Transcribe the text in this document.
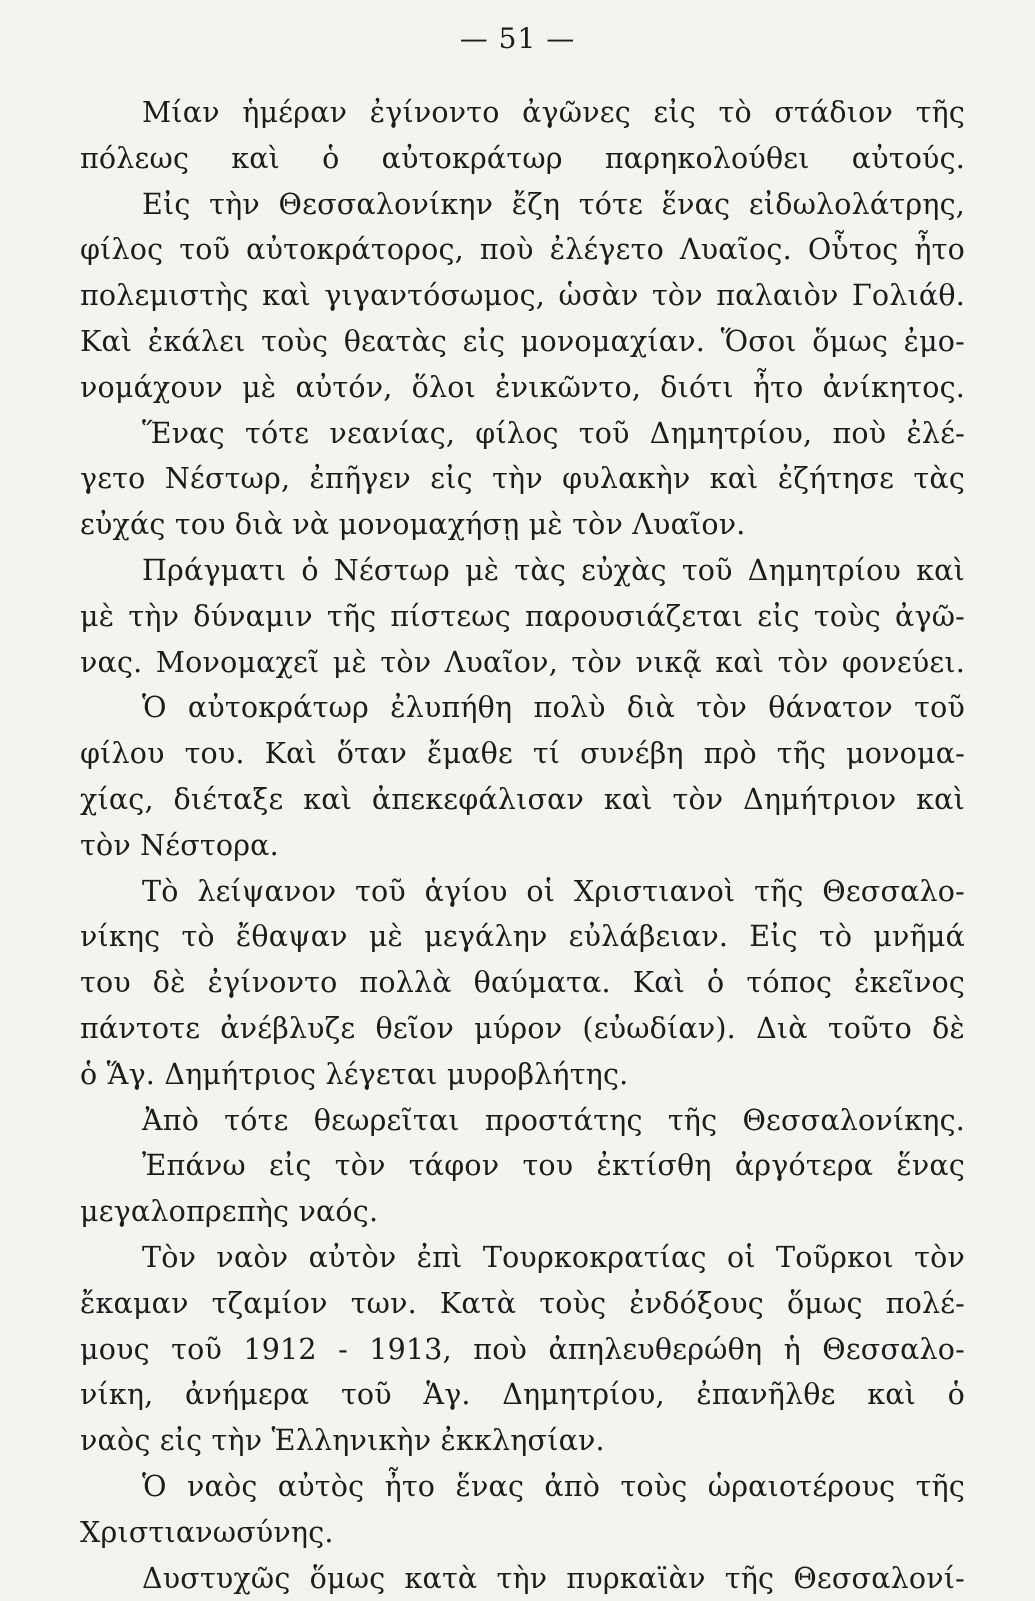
— 51 —
Μίαν ἡμέραν ἐγίνοντο ἀγῶνες εἰς τὸ στάδιον τῆς
πόλεως καὶ ὁ αὐτοκράτωρ παρηκολούθει αὐτούς.
Εἰς τὴν Θεσσαλονίκην ἔζη τότε ἕνας εἰδωλολάτρης,
φίλος τοῦ αὐτοκράτορος, ποὺ ἐλέγετο Λυαῖος. Οὗτος ἦτο
πολεμιστὴς καὶ γιγαντόσωμος, ὡσὰν τὸν παλαιὸν Γολιάθ.
Καὶ ἐκάλει τοὺς θεατὰς εἰς μονομαχίαν. Ὅσοι ὅμως ἐμο-
νομάχουν μὲ αὐτόν, ὅλοι ἐνικῶντο, διότι ἦτο ἀνίκητος.
Ἕνας τότε νεανίας, φίλος τοῦ Δημητρίου, ποὺ ἐλέ-
γετο Νέστωρ, ἐπῆγεν εἰς τὴν φυλακὴν καὶ ἐζήτησε τὰς
εὐχάς του διὰ νὰ μονομαχήσῃ μὲ τὸν Λυαῖον.
Πράγματι ὁ Νέστωρ μὲ τὰς εὐχὰς τοῦ Δημητρίου καὶ
μὲ τὴν δύναμιν τῆς πίστεως παρουσιάζεται εἰς τοὺς ἀγῶ-
νας. Μονομαχεῖ μὲ τὸν Λυαῖον, τὸν νικᾷ καὶ τὸν φονεύει.
Ὁ αὐτοκράτωρ ἐλυπήθη πολὺ διὰ τὸν θάνατον τοῦ
φίλου του. Καὶ ὅταν ἔμαθε τί συνέβη πρὸ τῆς μονομα-
χίας, διέταξε καὶ ἀπεκεφάλισαν καὶ τὸν Δημήτριον καὶ
τὸν Νέστορα.
Τὸ λείψανον τοῦ ἁγίου οἱ Χριστιανοὶ τῆς Θεσσαλο-
νίκης τὸ ἔθαψαν μὲ μεγάλην εὐλάβειαν. Εἰς τὸ μνῆμά
του δὲ ἐγίνοντο πολλὰ θαύματα. Καὶ ὁ τόπος ἐκεῖνος
πάντοτε ἀνέβλυζε θεῖον μύρον (εὐωδίαν). Διὰ τοῦτο δὲ
ὁ Ἅγ. Δημήτριος λέγεται μυροβλήτης.
Ἀπὸ τότε θεωρεῖται προστάτης τῆς Θεσσαλονίκης.
Ἐπάνω εἰς τὸν τάφον του ἐκτίσθη ἀργότερα ἕνας
μεγαλοπρεπὴς ναός.
Τὸν ναὸν αὐτὸν ἐπὶ Τουρκοκρατίας οἱ Τοῦρκοι τὸν
ἔκαμαν τζαμίον των. Κατὰ τοὺς ἐνδόξους ὅμως πολέ-
μους τοῦ 1912 - 1913, ποὺ ἀπηλευθερώθη ἡ Θεσσαλο-
νίκη, ἀνήμερα τοῦ Ἁγ. Δημητρίου, ἐπανῆλθε καὶ ὁ
ναὸς εἰς τὴν Ἑλληνικὴν ἐκκλησίαν.
Ὁ ναὸς αὐτὸς ἦτο ἕνας ἀπὸ τοὺς ὡραιοτέρους τῆς
Χριστιανωσύνης.
Δυστυχῶς ὅμως κατὰ τὴν πυρκαϊὰν τῆς Θεσσαλονί-
